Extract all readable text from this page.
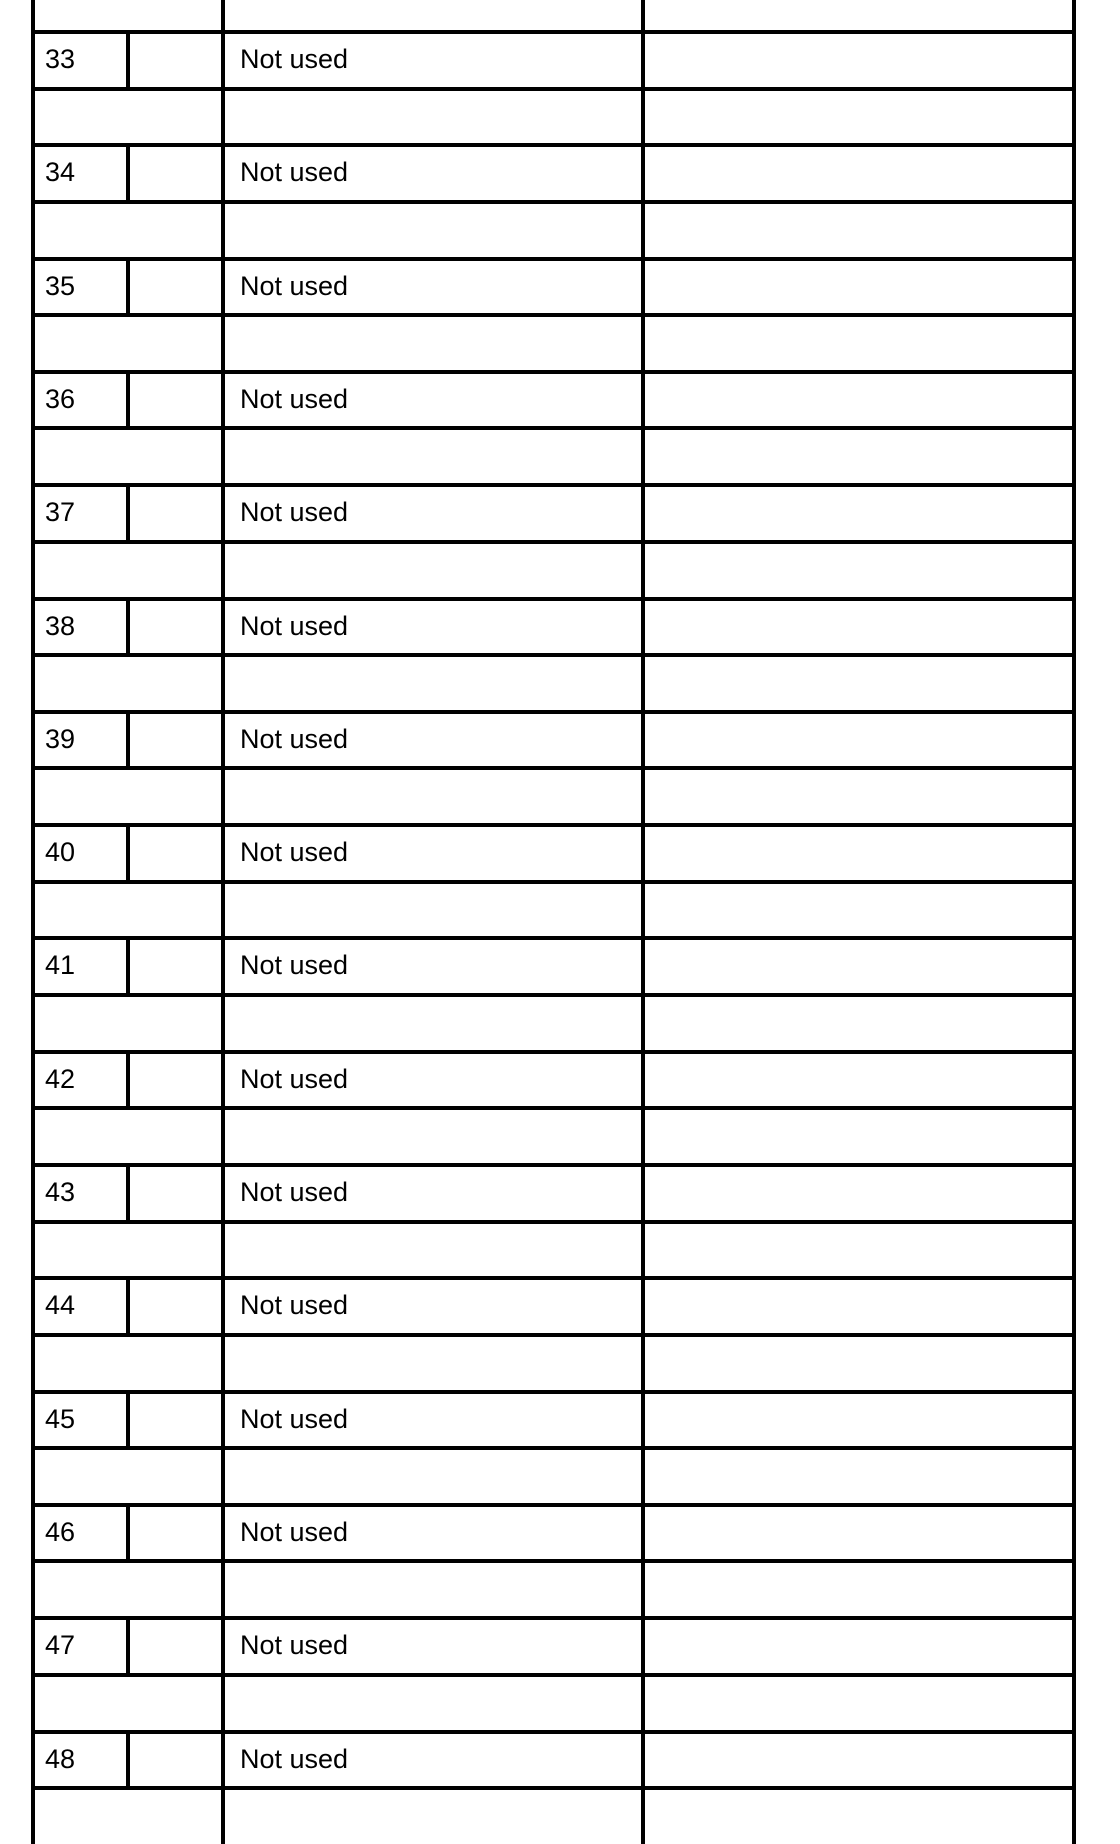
33	Not used
34	Not used
35	Not used
36	Not used
37	Not used
38	Not used
39	Not used
40	Not used
41	Not used
42	Not used
43	Not used
44	Not used
45	Not used
46	Not used
47	Not used
48	Not used
